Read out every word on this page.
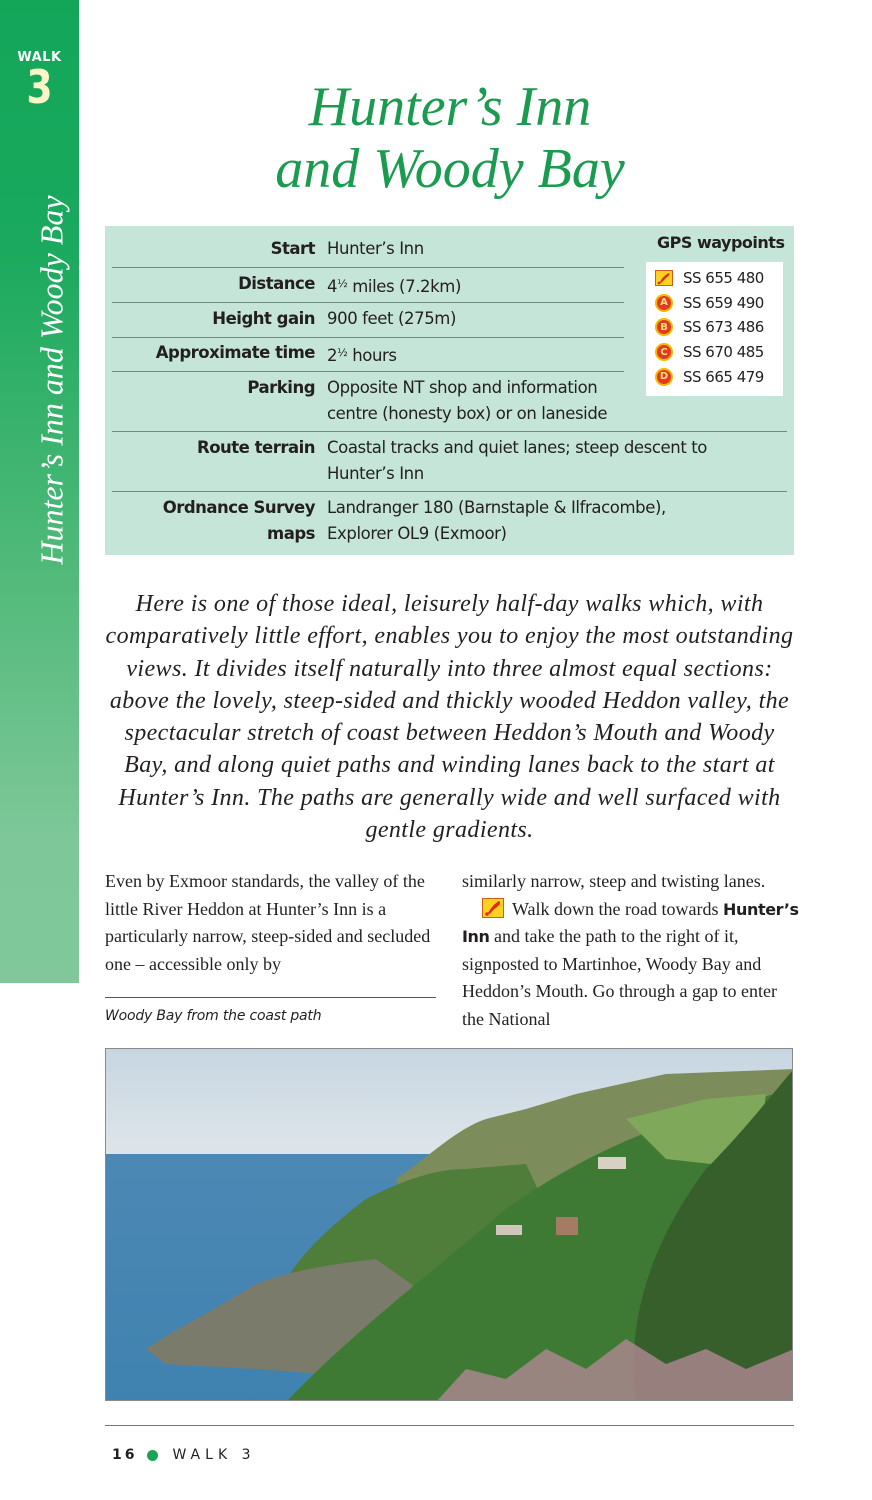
WALK
3
Hunter’s Inn and Woody Bay
Hunter’s Inn
and Woody Bay
Start Hunter’s Inn
Distance $4^{\frac{1}{2}}$ miles (7.2km)
Height gain 900 feet (275m)
Approximate time $2^{\frac{1}{2}}$ hours
Parking Opposite NT shop and information
centre (honesty box) or on laneside
Route terrain Coastal tracks and quiet lanes; steep descent to
Hunter’s Inn
Ordnance Survey maps
Landranger 180 (Barnstaple & Ilfracombe),
Explorer OL9 (Exmoor)
GPS waypoints
SS 655 480
A	SS 659 490
B	SS 673 486
C	SS 670 485
D SS 665 479
Here is one of those ideal, leisurely half-day walks which, with comparatively little effort, enables you to enjoy the most outstanding views. It divides itself naturally into three almost equal sections: above the lovely, steep-sided and thickly wooded Heddon valley, the spectacular stretch of coast between Heddon’s Mouth and Woody Bay, and along quiet paths and winding lanes back to the start at Hunter’s Inn. The paths are generally wide and well surfaced with gentle gradients.
Even by Exmoor standards, the valley of the little River Heddon at Hunter’s Inn is a particularly narrow, steep-sided and secluded one – accessible only by
similarly narrow, steep and twisting lanes.
Walk down the road towards Hunter’s Inn and take the path to the right of it, signposted to Martinhoe, Woody Bay and Heddon’s Mouth. Go through a gap to enter the National
Woody Bay from the coast path
16	WALK 3
